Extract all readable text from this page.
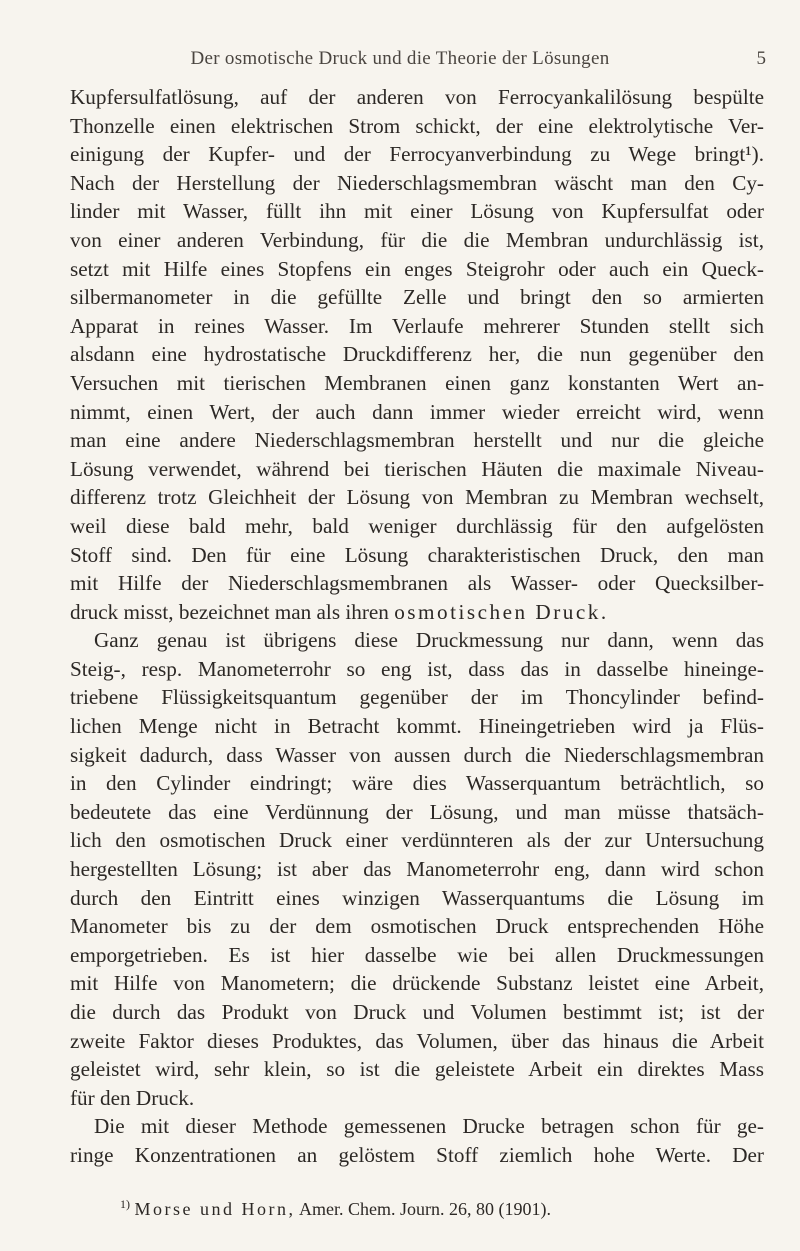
Der osmotische Druck und die Theorie der Lösungen	5
Kupfersulfatlösung, auf der anderen von Ferrocyankalilösung bespülte
Thonzelle einen elektrischen Strom schickt, der eine elektrolytische Ver-
einigung der Kupfer- und der Ferrocyanverbindung zu Wege bringt¹).
Nach der Herstellung der Niederschlagsmembran wäscht man den Cy-
linder mit Wasser, füllt ihn mit einer Lösung von Kupfersulfat oder
von einer anderen Verbindung, für die die Membran undurchlässig ist,
setzt mit Hilfe eines Stopfens ein enges Steigrohr oder auch ein Queck-
silbermanometer in die gefüllte Zelle und bringt den so armierten
Apparat in reines Wasser. Im Verlaufe mehrerer Stunden stellt sich
alsdann eine hydrostatische Druckdifferenz her, die nun gegenüber den
Versuchen mit tierischen Membranen einen ganz konstanten Wert an-
nimmt, einen Wert, der auch dann immer wieder erreicht wird, wenn
man eine andere Niederschlagsmembran herstellt und nur die gleiche
Lösung verwendet, während bei tierischen Häuten die maximale Niveau-
differenz trotz Gleichheit der Lösung von Membran zu Membran wechselt,
weil diese bald mehr, bald weniger durchlässig für den aufgelösten
Stoff sind. Den für eine Lösung charakteristischen Druck, den man
mit Hilfe der Niederschlagsmembranen als Wasser- oder Quecksilber-
druck misst, bezeichnet man als ihren osmotischen Druck.
Ganz genau ist übrigens diese Druckmessung nur dann, wenn das
Steig-, resp. Manometerrohr so eng ist, dass das in dasselbe hineinge-
triebene Flüssigkeitsquantum gegenüber der im Thoncylinder befind-
lichen Menge nicht in Betracht kommt. Hineingetrieben wird ja Flüs-
sigkeit dadurch, dass Wasser von aussen durch die Niederschlagsmembran
in den Cylinder eindringt; wäre dies Wasserquantum beträchtlich, so
bedeutete das eine Verdünnung der Lösung, und man müsse thatsäch-
lich den osmotischen Druck einer verdünnteren als der zur Untersuchung
hergestellten Lösung; ist aber das Manometerrohr eng, dann wird schon
durch den Eintritt eines winzigen Wasserquantums die Lösung im
Manometer bis zu der dem osmotischen Druck entsprechenden Höhe
emporgetrieben. Es ist hier dasselbe wie bei allen Druckmessungen
mit Hilfe von Manometern; die drückende Substanz leistet eine Arbeit,
die durch das Produkt von Druck und Volumen bestimmt ist; ist der
zweite Faktor dieses Produktes, das Volumen, über das hinaus die Arbeit
geleistet wird, sehr klein, so ist die geleistete Arbeit ein direktes Mass
für den Druck.
Die mit dieser Methode gemessenen Drucke betragen schon für ge-
ringe Konzentrationen an gelöstem Stoff ziemlich hohe Werte. Der
$^{1)}$ Morse und Horn, Amer. Chem. Journ. 26, 80 (1901).
